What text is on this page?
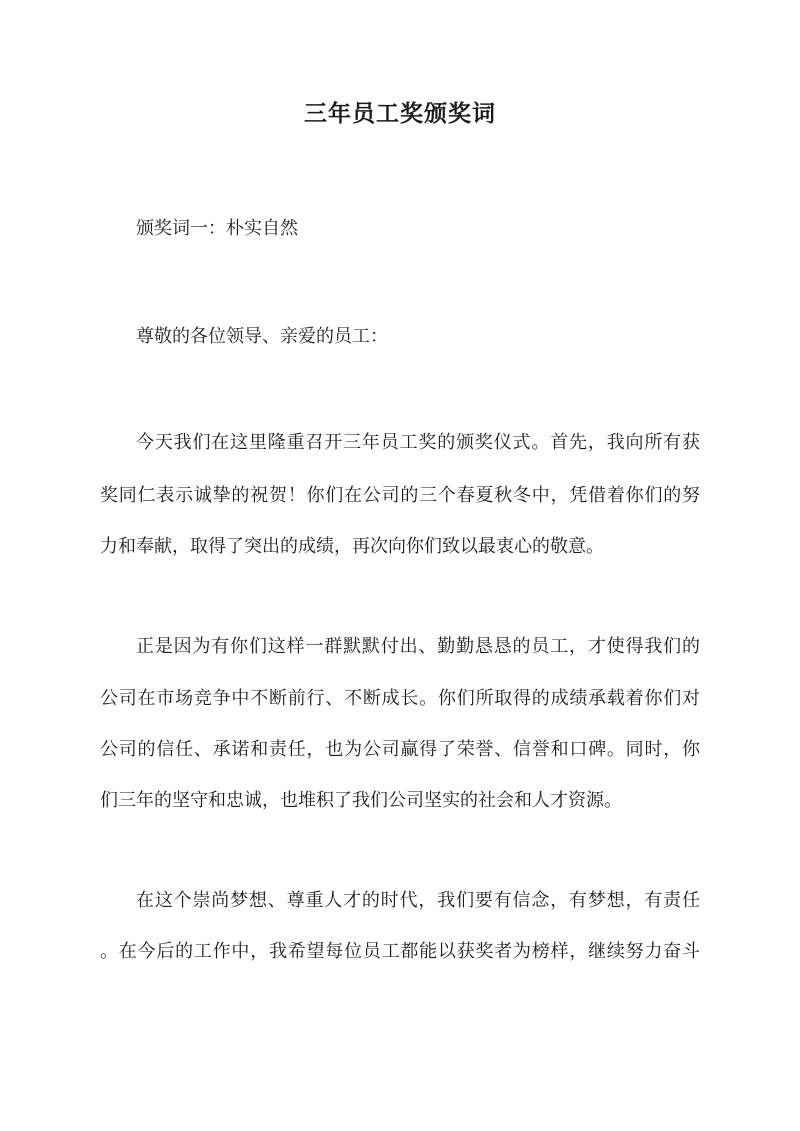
三年员工奖颁奖词
颁奖词一：朴实自然
尊敬的各位领导、亲爱的员工：
今天我们在这里隆重召开三年员工奖的颁奖仪式。首先，我向所有获
奖同仁表示诚挚的祝贺！你们在公司的三个春夏秋冬中，凭借着你们的努
力和奉献，取得了突出的成绩，再次向你们致以最衷心的敬意。
正是因为有你们这样一群默默付出、勤勤恳恳的员工，才使得我们的
公司在市场竞争中不断前行、不断成长。你们所取得的成绩承载着你们对
公司的信任、承诺和责任，也为公司赢得了荣誉、信誉和口碑。同时，你
们三年的坚守和忠诚，也堆积了我们公司坚实的社会和人才资源。
在这个崇尚梦想、尊重人才的时代，我们要有信念，有梦想，有责任
。在今后的工作中，我希望每位员工都能以获奖者为榜样，继续努力奋斗
